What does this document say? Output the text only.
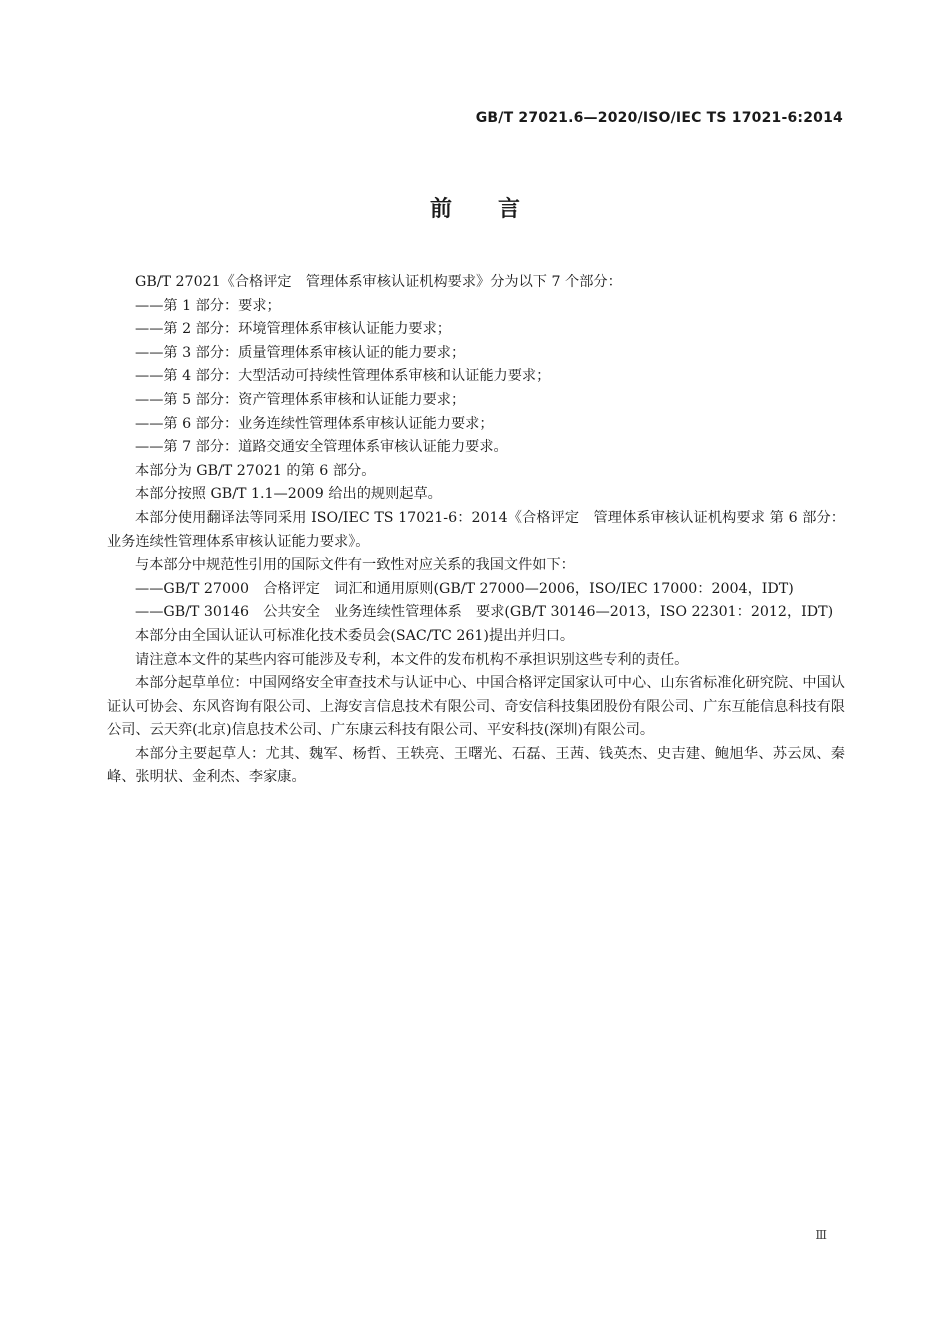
GB/T 27021.6—2020/ISO/IEC TS 17021-6:2014
前言

GB/T 27021《合格评定　管理体系审核认证机构要求》分为以下 7 个部分：

——第 1 部分：要求；

——第 2 部分：环境管理体系审核认证能力要求；

——第 3 部分：质量管理体系审核认证的能力要求；

——第 4 部分：大型活动可持续性管理体系审核和认证能力要求；

——第 5 部分：资产管理体系审核和认证能力要求；

——第 6 部分：业务连续性管理体系审核认证能力要求；

——第 7 部分：道路交通安全管理体系审核认证能力要求。

本部分为 GB/T 27021 的第 6 部分。

本部分按照 GB/T 1.1—2009 给出的规则起草。

本部分使用翻译法等同采用 ISO/IEC TS 17021-6：2014《合格评定　管理体系审核认证机构要求 第 6 部分：业务连续性管理体系审核认证能力要求》。

与本部分中规范性引用的国际文件有一致性对应关系的我国文件如下：

——GB/T 27000　合格评定　词汇和通用原则(GB/T 27000—2006，ISO/IEC 17000：2004，IDT)

——GB/T 30146　公共安全　业务连续性管理体系　要求(GB/T 30146—2013，ISO 22301：2012，IDT)

本部分由全国认证认可标准化技术委员会(SAC/TC 261)提出并归口。

请注意本文件的某些内容可能涉及专利，本文件的发布机构不承担识别这些专利的责任。

本部分起草单位：中国网络安全审查技术与认证中心、中国合格评定国家认可中心、山东省标准化研究院、中国认证认可协会、东风咨询有限公司、上海安言信息技术有限公司、奇安信科技集团股份有限公司、广东互能信息科技有限公司、云天弈(北京)信息技术公司、广东康云科技有限公司、平安科技(深圳)有限公司。

本部分主要起草人：尤其、魏军、杨哲、王轶亮、王曙光、石磊、王茜、钱英杰、史吉建、鲍旭华、苏云凤、秦峰、张明状、金利杰、李家康。

Ⅲ
